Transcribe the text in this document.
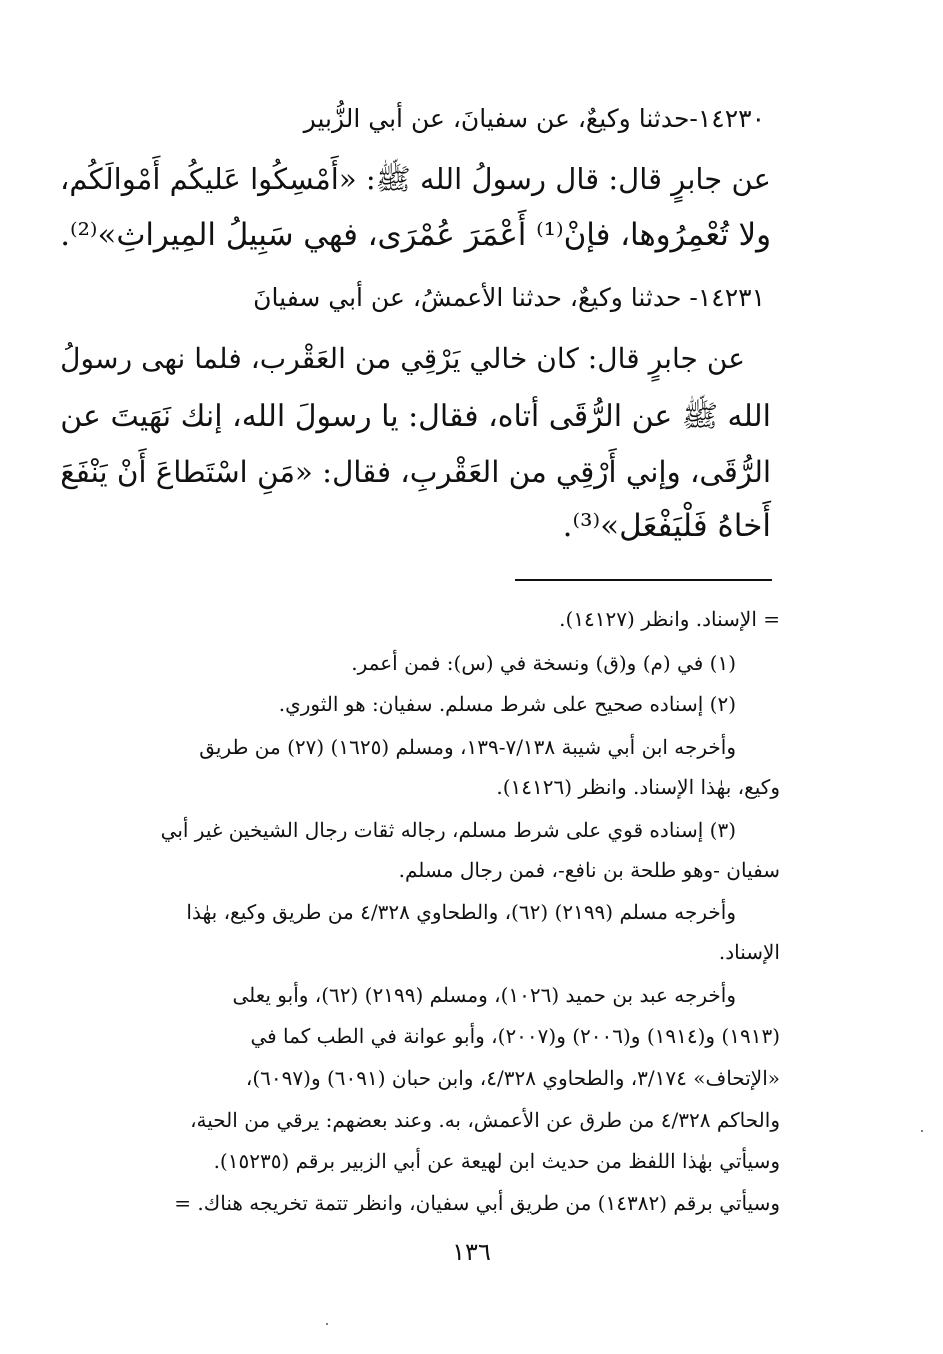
١٤٢٣٠-حدثنا وكيعٌ، عن سفيانَ، عن أبي الزُّبير
عن جابرٍ قال: قال رسولُ الله ﷺ: «أَمْسِكُوا عَليكُم أَمْوالَكُم،
ولا تُعْمِرُوها، فإنْ⁽¹⁾ أَعْمَرَ عُمْرَى، فهي سَبِيلُ المِيراثِ»⁽²⁾.
١٤٢٣١- حدثنا وكيعٌ، حدثنا الأعمشُ، عن أبي سفيانَ
عن جابرٍ قال: كان خالي يَرْقِي من العَقْرب، فلما نهى رسولُ
الله ﷺ عن الرُّقَى أتاه، فقال: يا رسولَ الله، إنك نَهَيتَ عن
الرُّقَى، وإني أَرْقِي من العَقْربِ، فقال: «مَنِ اسْتَطاعَ أَنْ يَنْفَعَ
أَخاهُ فَلْيَفْعَل»⁽³⁾.
= الإسناد. وانظر (١٤١٢٧).
(١) في (م) و(ق) ونسخة في (س): فمن أعمر.
(٢) إسناده صحيح على شرط مسلم. سفيان: هو الثوري.
وأخرجه ابن أبي شيبة ٧/١٣٨-١٣٩، ومسلم (١٦٢٥) (٢٧) من طريق
وكيع، بهٰذا الإسناد. وانظر (١٤١٢٦).
(٣) إسناده قوي على شرط مسلم، رجاله ثقات رجال الشيخين غير أبي
سفيان -وهو طلحة بن نافع-، فمن رجال مسلم.
وأخرجه مسلم (٢١٩٩) (٦٢)، والطحاوي ٤/٣٢٨ من طريق وكيع، بهٰذا
الإسناد.
وأخرجه عبد بن حميد (١٠٢٦)، ومسلم (٢١٩٩) (٦٢)، وأبو يعلى
(١٩١٣) و(١٩١٤) و(٢٠٠٦) و(٢٠٠٧)، وأبو عوانة في الطب كما في
«الإتحاف» ٣/١٧٤، والطحاوي ٤/٣٢٨، وابن حبان (٦٠٩١) و(٦٠٩٧)،
والحاكم ٤/٣٢٨ من طرق عن الأعمش، به. وعند بعضهم: يرقي من الحية،
وسيأتي بهٰذا اللفظ من حديث ابن لهيعة عن أبي الزبير برقم (١٥٢٣٥).
وسيأتي برقم (١٤٣٨٢) من طريق أبي سفيان، وانظر تتمة تخريجه هناك. =
١٣٦
